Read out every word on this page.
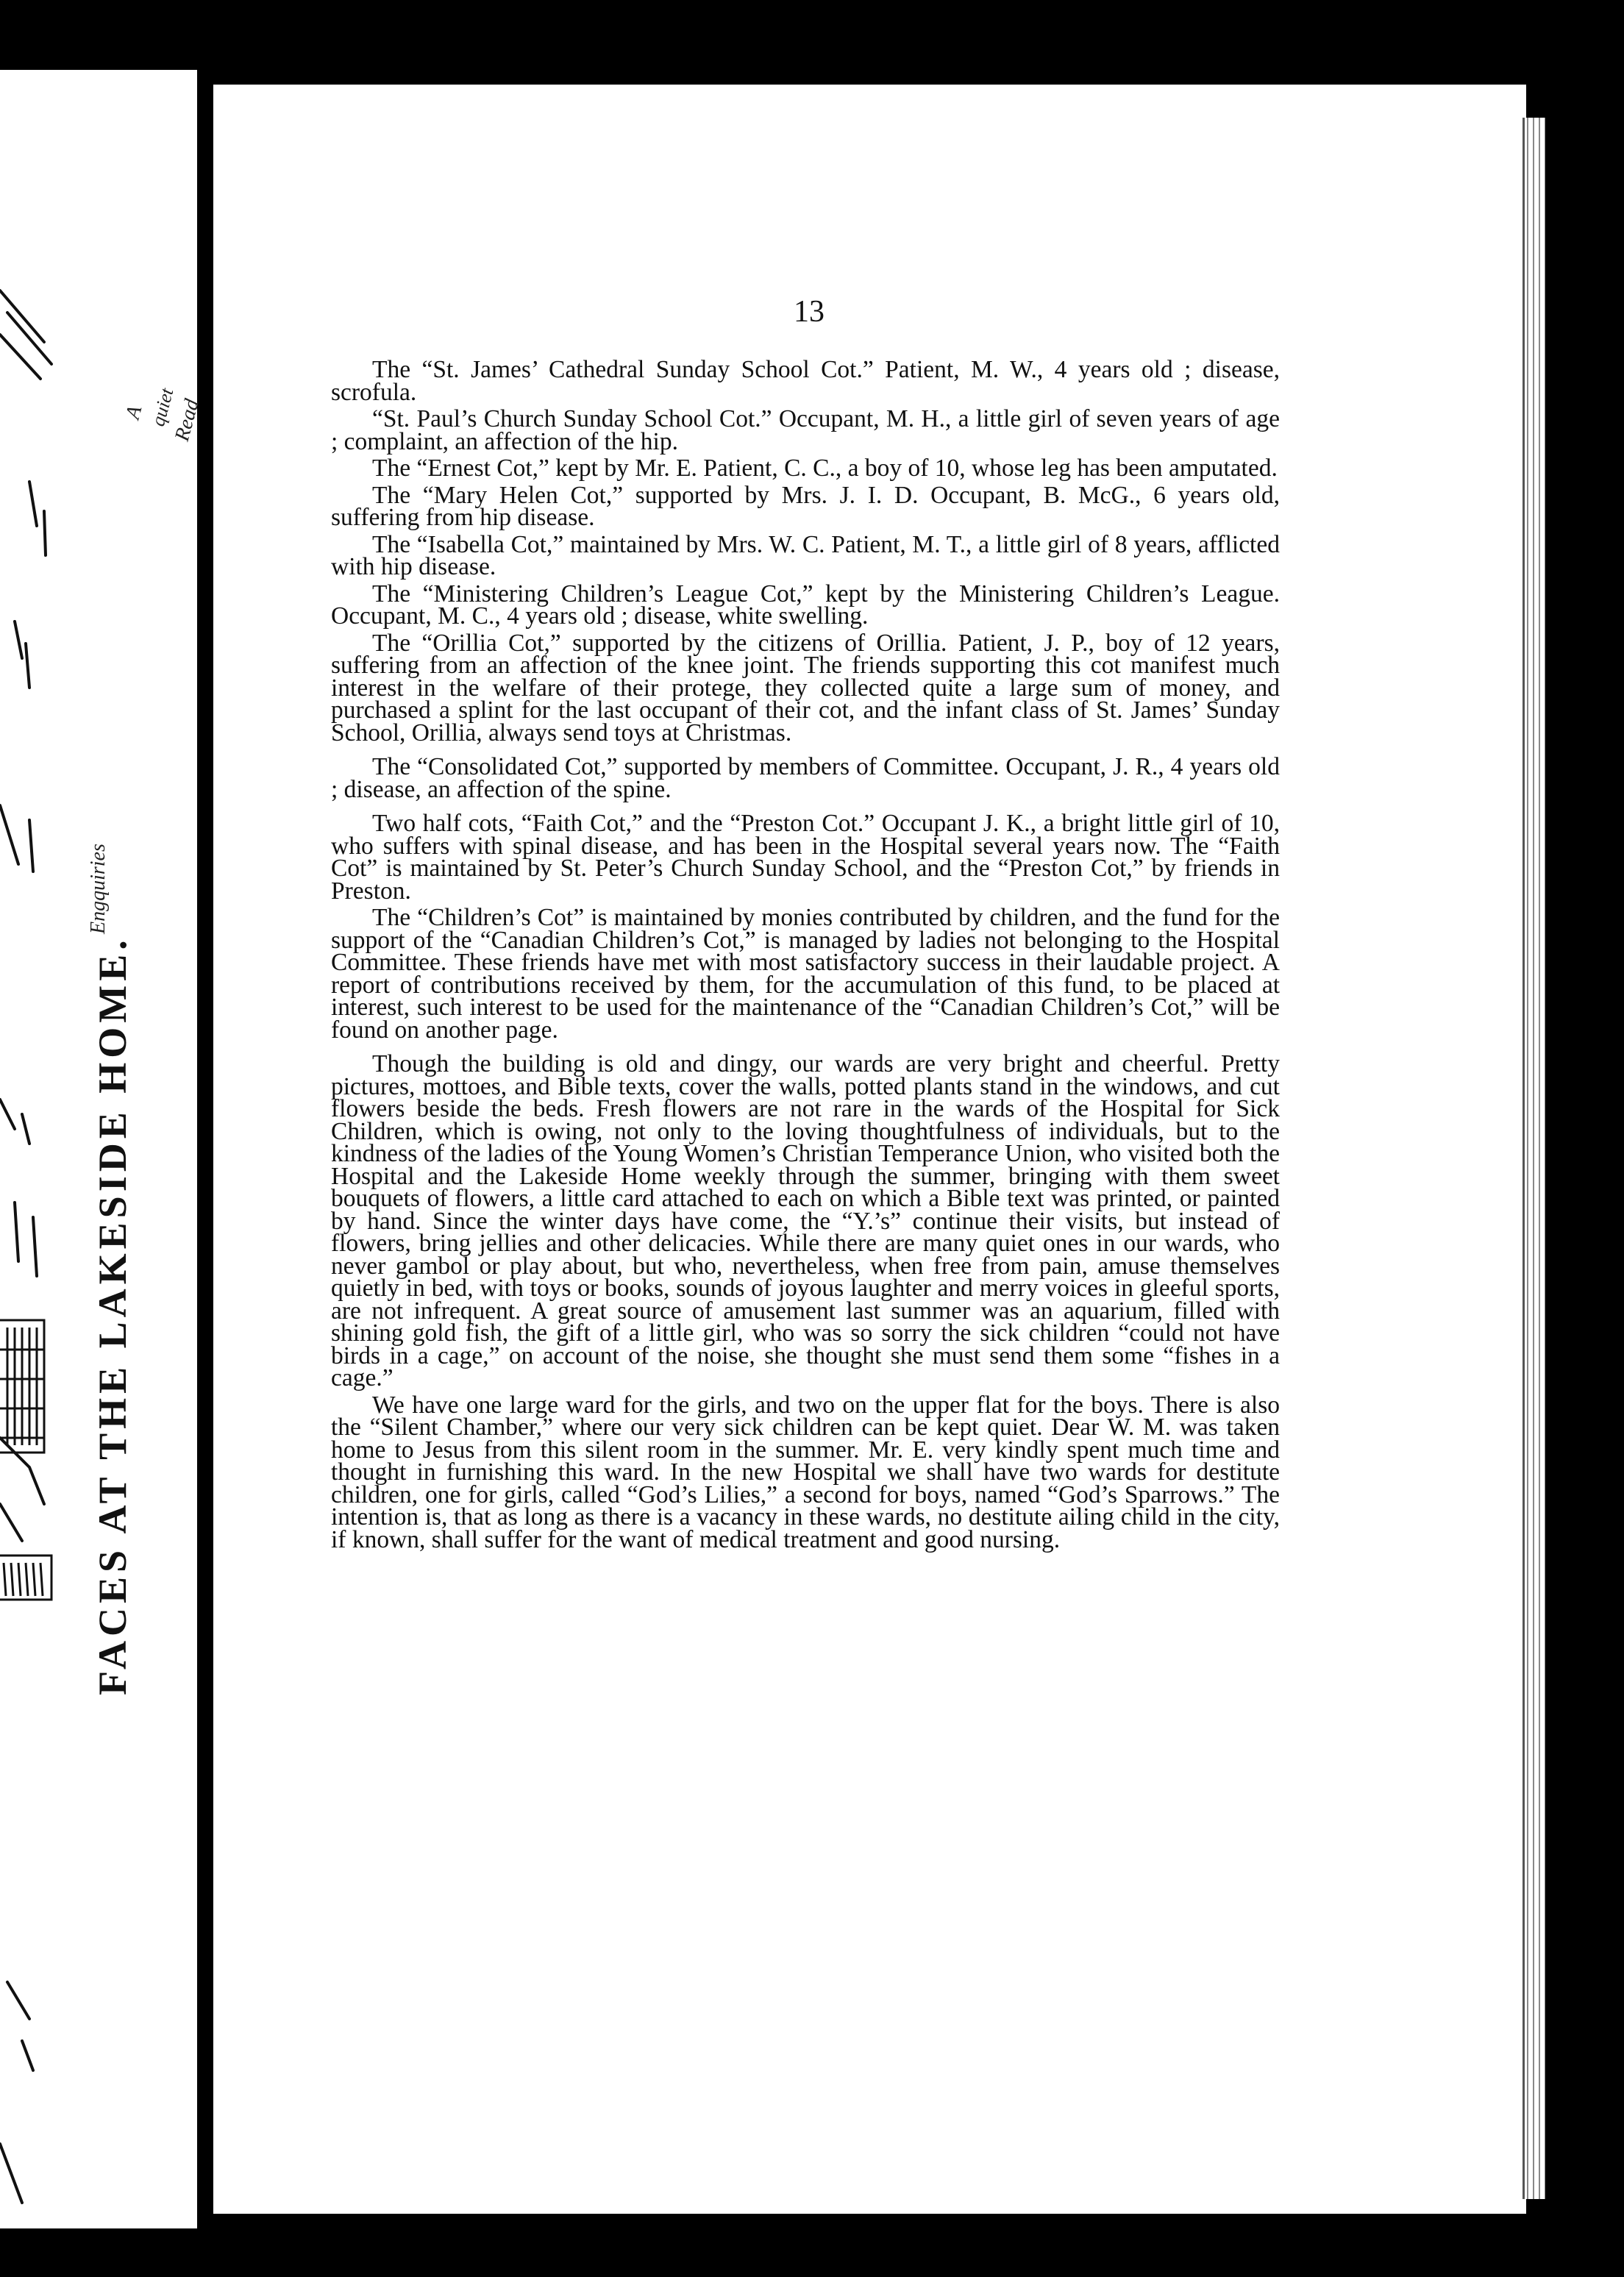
FACES AT THE LAKESIDE HOME.
A quiet
Read
Engquiries
13

The “St. James’ Cathedral Sunday School Cot.” Patient, M. W., 4 years old ; disease, scrofula.

“St. Paul’s Church Sunday School Cot.” Occupant, M. H., a little girl of seven years of age ; complaint, an affection of the hip.

The “Ernest Cot,” kept by Mr. E. Patient, C. C., a boy of 10, whose leg has been amputated.

The “Mary Helen Cot,” supported by Mrs. J. I. D. Occupant, B. McG., 6 years old, suffering from hip disease.

The “Isabella Cot,” maintained by Mrs. W. C. Patient, M. T., a little girl of 8 years, afflicted with hip disease.

The “Ministering Children’s League Cot,” kept by the Ministering Children’s League. Occupant, M. C., 4 years old ; disease, white swelling.

The “Orillia Cot,” supported by the citizens of Orillia. Patient, J. P., boy of 12 years, suffering from an affection of the knee joint. The friends supporting this cot manifest much interest in the welfare of their protege, they collected quite a large sum of money, and purchased a splint for the last occupant of their cot, and the infant class of St. James’ Sunday School, Orillia, always send toys at Christmas.

The “Consolidated Cot,” supported by members of Committee. Occupant, J. R., 4 years old ; disease, an affection of the spine.

Two half cots, “Faith Cot,” and the “Preston Cot.” Occupant J. K., a bright little girl of 10, who suffers with spinal disease, and has been in the Hospital several years now. The “Faith Cot” is maintained by St. Peter’s Church Sunday School, and the “Preston Cot,” by friends in Preston.

The “Children’s Cot” is maintained by monies contributed by children, and the fund for the support of the “Canadian Children’s Cot,” is managed by ladies not belonging to the Hospital Committee. These friends have met with most satisfactory success in their laudable project. A report of contributions received by them, for the accumulation of this fund, to be placed at interest, such interest to be used for the maintenance of the “Canadian Children’s Cot,” will be found on another page.

Though the building is old and dingy, our wards are very bright and cheerful. Pretty pictures, mottoes, and Bible texts, cover the walls, potted plants stand in the windows, and cut flowers beside the beds. Fresh flowers are not rare in the wards of the Hospital for Sick Children, which is owing, not only to the loving thoughtfulness of individuals, but to the kindness of the ladies of the Young Women’s Christian Temperance Union, who visited both the Hospital and the Lakeside Home weekly through the summer, bringing with them sweet bouquets of flowers, a little card attached to each on which a Bible text was printed, or painted by hand. Since the winter days have come, the “Y.’s” continue their visits, but instead of flowers, bring jellies and other delicacies. While there are many quiet ones in our wards, who never gambol or play about, but who, nevertheless, when free from pain, amuse themselves quietly in bed, with toys or books, sounds of joyous laughter and merry voices in gleeful sports, are not infrequent. A great source of amusement last summer was an aquarium, filled with shining gold fish, the gift of a little girl, who was so sorry the sick children “could not have birds in a cage,” on account of the noise, she thought she must send them some “fishes in a cage.”

We have one large ward for the girls, and two on the upper flat for the boys. There is also the “Silent Chamber,” where our very sick children can be kept quiet. Dear W. M. was taken home to Jesus from this silent room in the summer. Mr. E. very kindly spent much time and thought in furnishing this ward. In the new Hospital we shall have two wards for destitute children, one for girls, called “God’s Lilies,” a second for boys, named “God’s Sparrows.” The intention is, that as long as there is a vacancy in these wards, no destitute ailing child in the city, if known, shall suffer for the want of medical treatment and good nursing.
